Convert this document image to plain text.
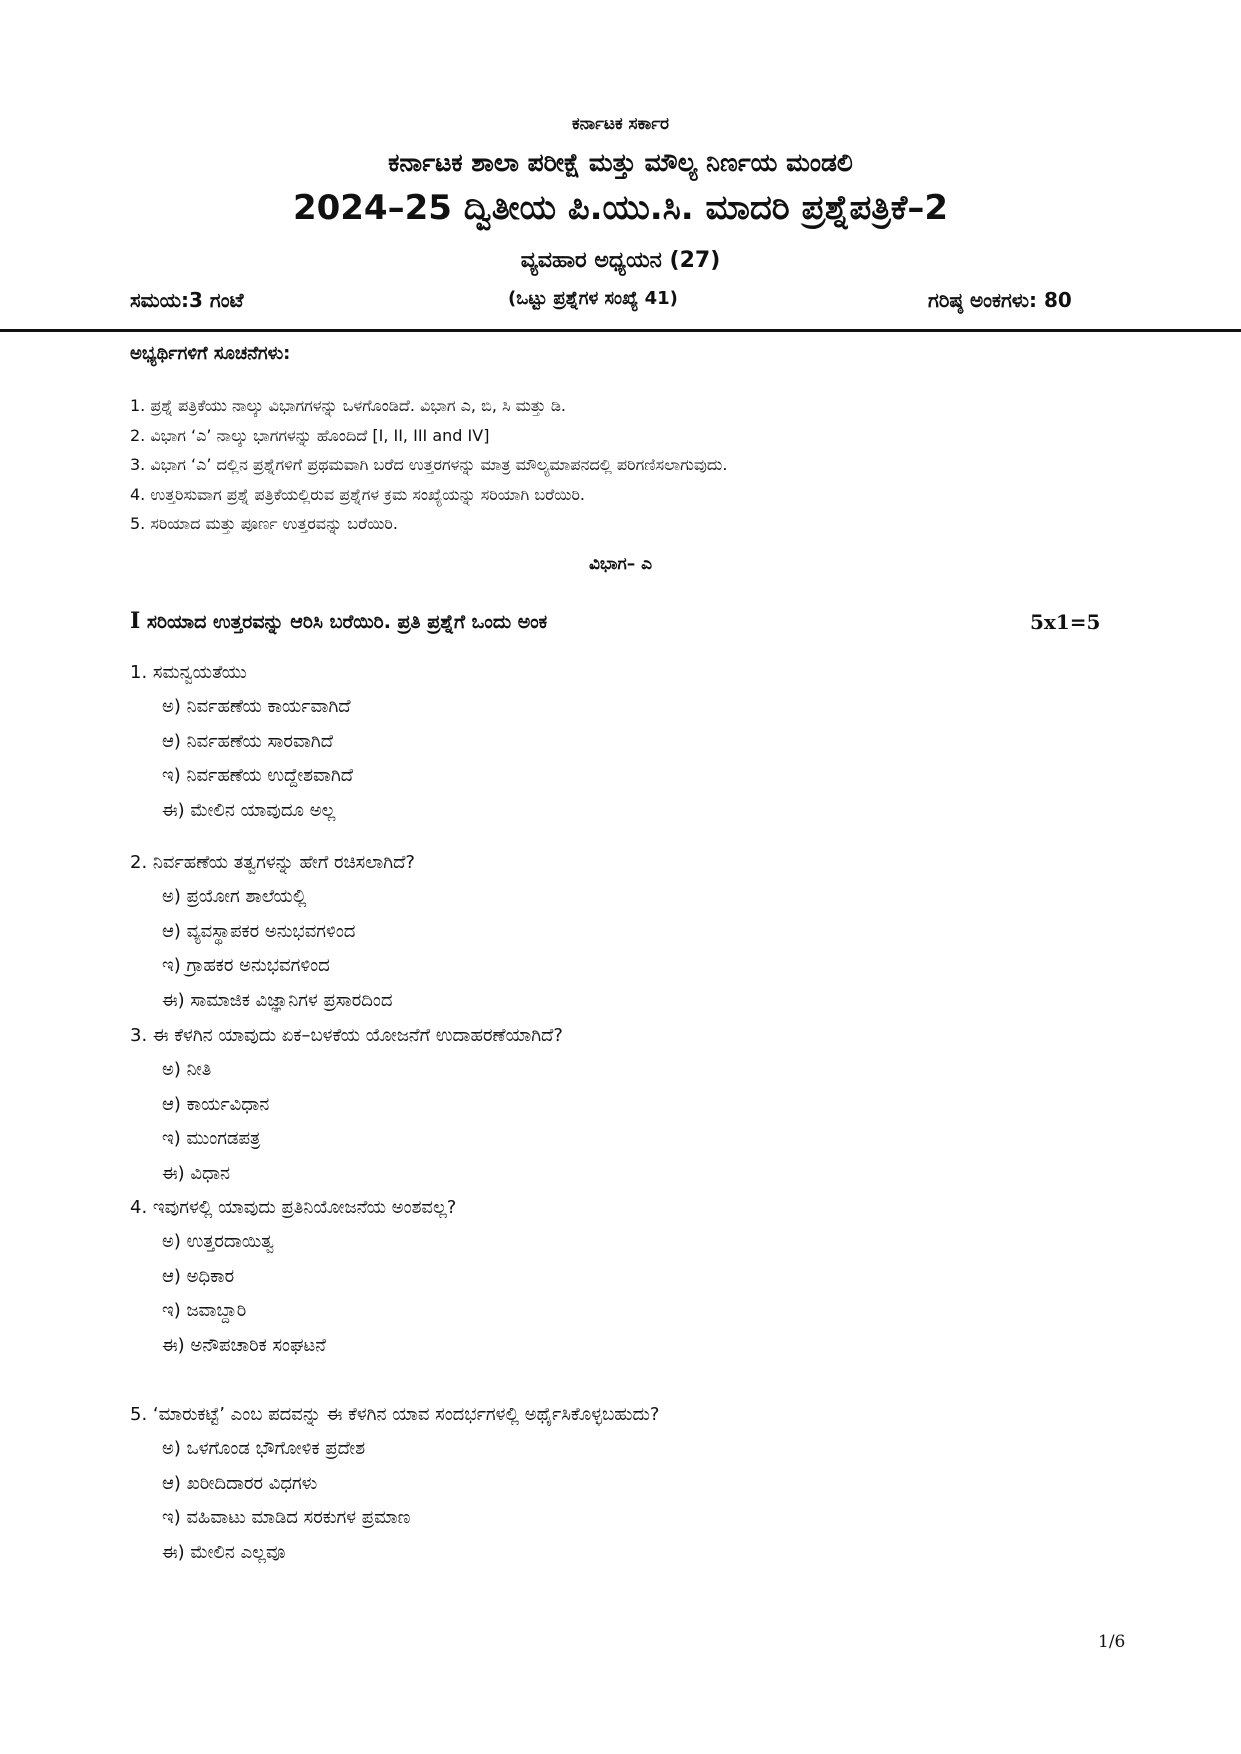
ಕರ್ನಾಟಕ ಸರ್ಕಾರ
ಕರ್ನಾಟಕ ಶಾಲಾ ಪರೀಕ್ಷೆ ಮತ್ತು ಮೌಲ್ಯ ನಿರ್ಣಯ ಮಂಡಲಿ
2024–25 ದ್ವಿತೀಯ ಪಿ.ಯು.ಸಿ. ಮಾದರಿ ಪ್ರಶ್ನೆಪತ್ರಿಕೆ–2
ವ್ಯವಹಾರ ಅಧ್ಯಯನ (27)
ಸಮಯ:3 ಗಂಟೆ	(ಒಟ್ಟು ಪ್ರಶ್ನೆಗಳ ಸಂಖ್ಯೆ 41)	ಗರಿಷ್ಠ ಅಂಕಗಳು: 80
ಅಭ್ಯರ್ಥಿಗಳಿಗೆ ಸೂಚನೆಗಳು:
1. ಪ್ರಶ್ನೆ ಪತ್ರಿಕೆಯು ನಾಲ್ಕು ವಿಭಾಗಗಳನ್ನು ಒಳಗೊಂಡಿದೆ. ವಿಭಾಗ ಎ, ಬಿ, ಸಿ ಮತ್ತು ಡಿ.
2. ವಿಭಾಗ ‘ಎ’ ನಾಲ್ಕು ಭಾಗಗಳನ್ನು ಹೊಂದಿದೆ [I, II, III and IV]
3. ವಿಭಾಗ ‘ಎ’ ದಲ್ಲಿನ ಪ್ರಶ್ನೆಗಳಿಗೆ ಪ್ರಥಮವಾಗಿ ಬರೆದ ಉತ್ತರಗಳನ್ನು ಮಾತ್ರ ಮೌಲ್ಯಮಾಪನದಲ್ಲಿ ಪರಿಗಣಿಸಲಾಗುವುದು.
4. ಉತ್ತರಿಸುವಾಗ ಪ್ರಶ್ನೆ ಪತ್ರಿಕೆಯಲ್ಲಿರುವ ಪ್ರಶ್ನೆಗಳ ಕ್ರಮ ಸಂಖ್ಯೆಯನ್ನು ಸರಿಯಾಗಿ ಬರೆಯಿರಿ.
5. ಸರಿಯಾದ ಮತ್ತು ಪೂರ್ಣ ಉತ್ತರವನ್ನು ಬರೆಯಿರಿ.
ವಿಭಾಗ– ಎ
I ಸರಿಯಾದ ಉತ್ತರವನ್ನು ಆರಿಸಿ ಬರೆಯಿರಿ. ಪ್ರತಿ ಪ್ರಶ್ನೆಗೆ ಒಂದು ಅಂಕ	5x1=5
1. ಸಮನ್ವಯತೆಯು
ಅ) ನಿರ್ವಹಣೆಯ ಕಾರ್ಯವಾಗಿದೆ
ಆ) ನಿರ್ವಹಣೆಯ ಸಾರವಾಗಿದೆ
ಇ) ನಿರ್ವಹಣೆಯ ಉದ್ದೇಶವಾಗಿದೆ
ಈ) ಮೇಲಿನ ಯಾವುದೂ ಅಲ್ಲ
2. ನಿರ್ವಹಣೆಯ ತತ್ವಗಳನ್ನು ಹೇಗೆ ರಚಿಸಲಾಗಿದೆ?
ಅ) ಪ್ರಯೋಗ ಶಾಲೆಯಲ್ಲಿ
ಆ) ವ್ಯವಸ್ಥಾಪಕರ ಅನುಭವಗಳಿಂದ
ಇ) ಗ್ರಾಹಕರ ಅನುಭವಗಳಿಂದ
ಈ) ಸಾಮಾಜಿಕ ವಿಜ್ಞಾನಿಗಳ ಪ್ರಸಾರದಿಂದ
3. ಈ ಕೆಳಗಿನ ಯಾವುದು ಏಕ–ಬಳಕೆಯ ಯೋಜನೆಗೆ ಉದಾಹರಣೆಯಾಗಿದೆ?
ಅ) ನೀತಿ
ಆ) ಕಾರ್ಯವಿಧಾನ
ಇ) ಮುಂಗಡಪತ್ರ
ಈ) ವಿಧಾನ
4. ಇವುಗಳಲ್ಲಿ ಯಾವುದು ಪ್ರತಿನಿಯೋಜನೆಯ ಅಂಶವಲ್ಲ?
ಅ) ಉತ್ತರದಾಯಿತ್ವ
ಆ) ಅಧಿಕಾರ
ಇ) ಜವಾಬ್ದಾರಿ
ಈ) ಅನೌಪಚಾರಿಕ ಸಂಘಟನೆ
5. ‘ಮಾರುಕಟ್ಟೆ’ ಎಂಬ ಪದವನ್ನು ಈ ಕೆಳಗಿನ ಯಾವ ಸಂದರ್ಭಗಳಲ್ಲಿ ಅರ್ಥೈಸಿಕೊಳ್ಳಬಹುದು?
ಅ) ಒಳಗೊಂಡ ಭೌಗೋಳಿಕ ಪ್ರದೇಶ
ಆ) ಖರೀದಿದಾರರ ವಿಧಗಳು
ಇ) ವಹಿವಾಟು ಮಾಡಿದ ಸರಕುಗಳ ಪ್ರಮಾಣ
ಈ) ಮೇಲಿನ ಎಲ್ಲವೂ
1/6
